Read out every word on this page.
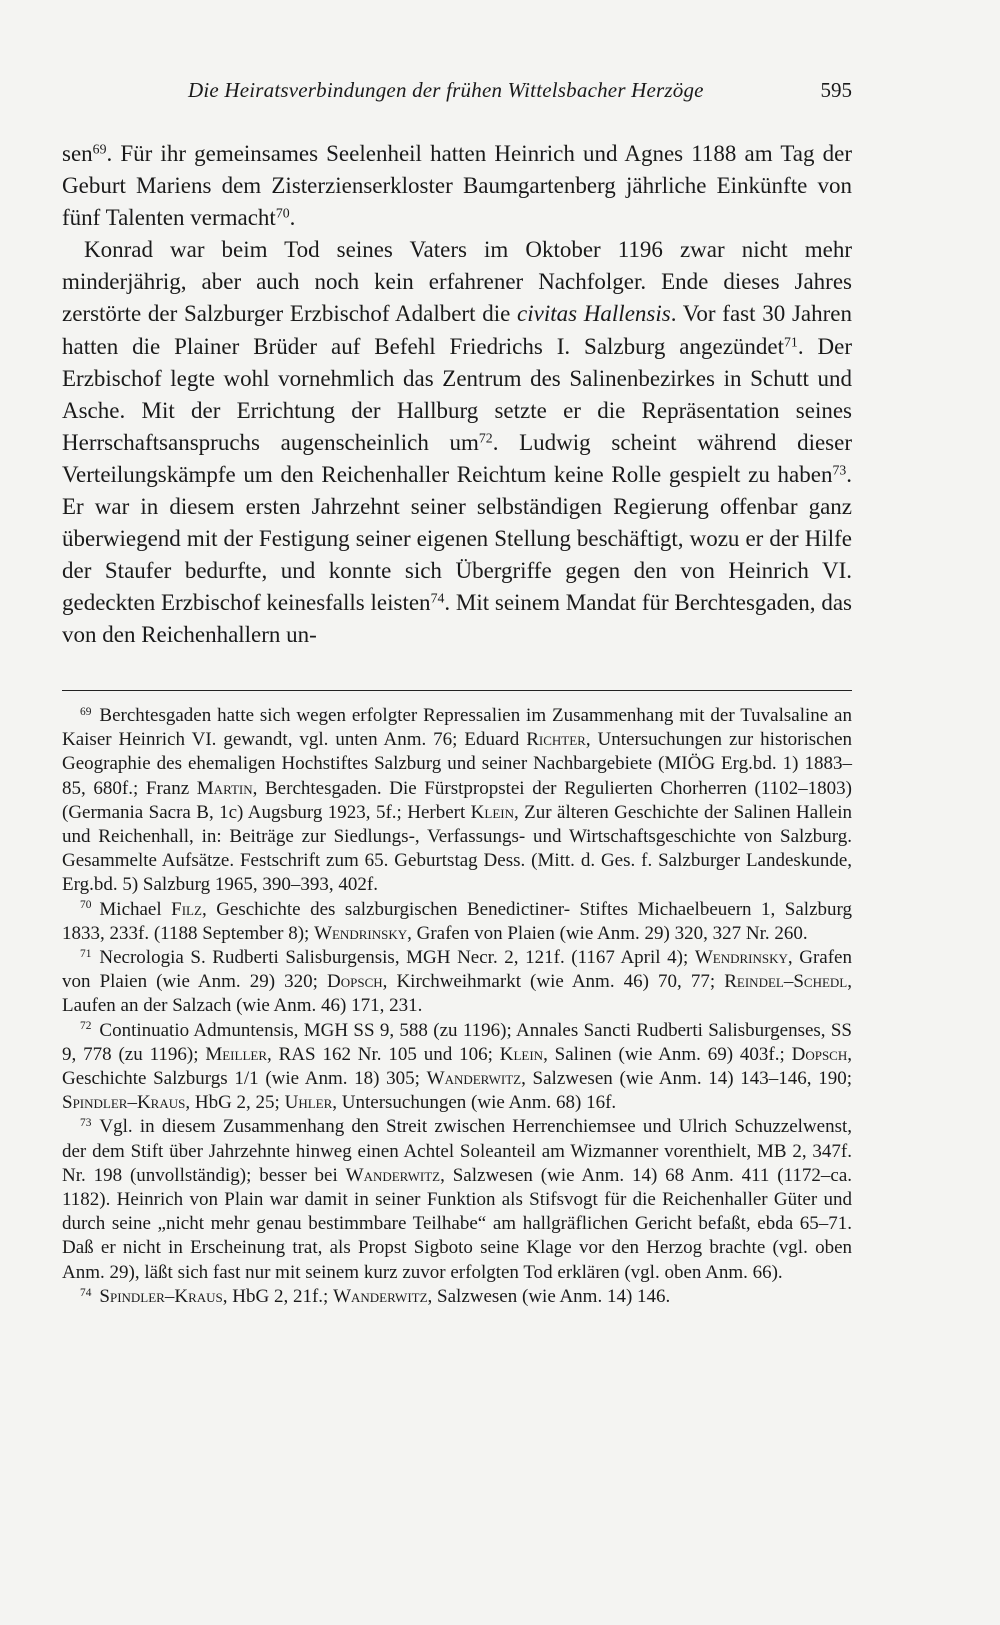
Die Heiratsverbindungen der frühen Wittelsbacher Herzöge	595

sen$^{69}$. Für ihr gemeinsames Seelenheil hatten Heinrich und Agnes 1188 am Tag der Geburt Mariens dem Zisterzienserkloster Baumgartenberg jährliche Einkünfte von fünf Talenten vermacht$^{70}$.

Konrad war beim Tod seines Vaters im Oktober 1196 zwar nicht mehr minderjährig, aber auch noch kein erfahrener Nachfolger. Ende dieses Jahres zerstörte der Salzburger Erzbischof Adalbert die civitas Hallensis. Vor fast 30 Jahren hatten die Plainer Brüder auf Befehl Friedrichs I. Salzburg angezündet$^{71}$. Der Erzbischof legte wohl vornehmlich das Zentrum des Salinenbezirkes in Schutt und Asche. Mit der Errichtung der Hallburg setzte er die Repräsentation seines Herrschaftsanspruchs augenscheinlich $um^{72}$. Ludwig scheint während dieser Verteilungskämpfe um den Reichenhaller Reichtum keine Rolle gespielt zu haben$^{73}$. Er war in diesem ersten Jahrzehnt seiner selbständigen Regierung offenbar ganz überwiegend mit der Festigung seiner eigenen Stellung beschäftigt, wozu er der Hilfe der Staufer bedurfte, und konnte sich Übergriffe gegen den von Heinrich VI. gedeckten Erzbischof keinesfalls leisten$^{74}$. Mit seinem Mandat für Berchtesgaden, das von den Reichenhallern un-

$^{69}$ Berchtesgaden hatte sich wegen erfolgter Repressalien im Zusammenhang mit der Tuvalsaline an Kaiser Heinrich VI. gewandt, vgl. unten Anm. 76; Eduard Richter, Untersuchungen zur historischen Geographie des ehemaligen Hochstiftes Salzburg und seiner Nachbargebiete (MIÖG Erg.bd. 1) 1883–85, 680f.; Franz Martin, Berchtesgaden. Die Fürstpropstei der Regulierten Chorherren (1102–1803) (Germania Sacra B, 1c) Augsburg 1923, 5f.; Herbert Klein, Zur älteren Geschichte der Salinen Hallein und Reichenhall, in: Beiträge zur Siedlungs-, Verfassungs- und Wirtschaftsgeschichte von Salzburg. Gesammelte Aufsätze. Festschrift zum 65. Geburtstag Dess. (Mitt. d. Ges. f. Salzburger Landeskunde, Erg.bd. 5) Salzburg 1965, 390–393, 402f.

$^{70}$ Michael Filz, Geschichte des salzburgischen Benedictiner- Stiftes Michaelbeuern 1, Salzburg 1833, 233f. (1188 September 8); Wendrinsky, Grafen von Plaien (wie Anm. 29) 320, 327 Nr. 260.

$^{71}$ Necrologia S. Rudberti Salisburgensis, MGH Necr. 2, 121f. (1167 April 4); Wendrinsky, Grafen von Plaien (wie Anm. 29) 320; Dopsch, Kirchweihmarkt (wie Anm. 46) 70, 77; Reindel–Schedl, Laufen an der Salzach (wie Anm. 46) 171, 231.

$^{72}$ Continuatio Admuntensis, MGH SS 9, 588 (zu 1196); Annales Sancti Rudberti Salisburgenses, SS 9, 778 (zu 1196); Meiller, RAS 162 Nr. 105 und 106; Klein, Salinen (wie Anm. 69) 403f.; Dopsch, Geschichte Salzburgs 1/1 (wie Anm. 18) 305; Wanderwitz, Salzwesen (wie Anm. 14) 143–146, 190; Spindler–Kraus, HbG 2, 25; Uhler, Untersuchungen (wie Anm. 68) 16f.

$^{73}$ Vgl. in diesem Zusammenhang den Streit zwischen Herrenchiemsee und Ulrich Schuzzelwenst, der dem Stift über Jahrzehnte hinweg einen Achtel Soleanteil am Wizmanner vorenthielt, MB 2, 347f. Nr. 198 (unvollständig); besser bei Wanderwitz, Salzwesen (wie Anm. 14) 68 Anm. 411 (1172–ca. 1182). Heinrich von Plain war damit in seiner Funktion als Stifsvogt für die Reichenhaller Güter und durch seine „nicht mehr genau bestimmbare Teilhabe“ am hallgräflichen Gericht befaßt, ebda 65–71. Daß er nicht in Erscheinung trat, als Propst Sigboto seine Klage vor den Herzog brachte (vgl. oben Anm. 29), läßt sich fast nur mit seinem kurz zuvor erfolgten Tod erklären (vgl. oben Anm. 66).

$^{74}$ Spindler–Kraus, HbG 2, 21f.; Wanderwitz, Salzwesen (wie Anm. 14) 146.
